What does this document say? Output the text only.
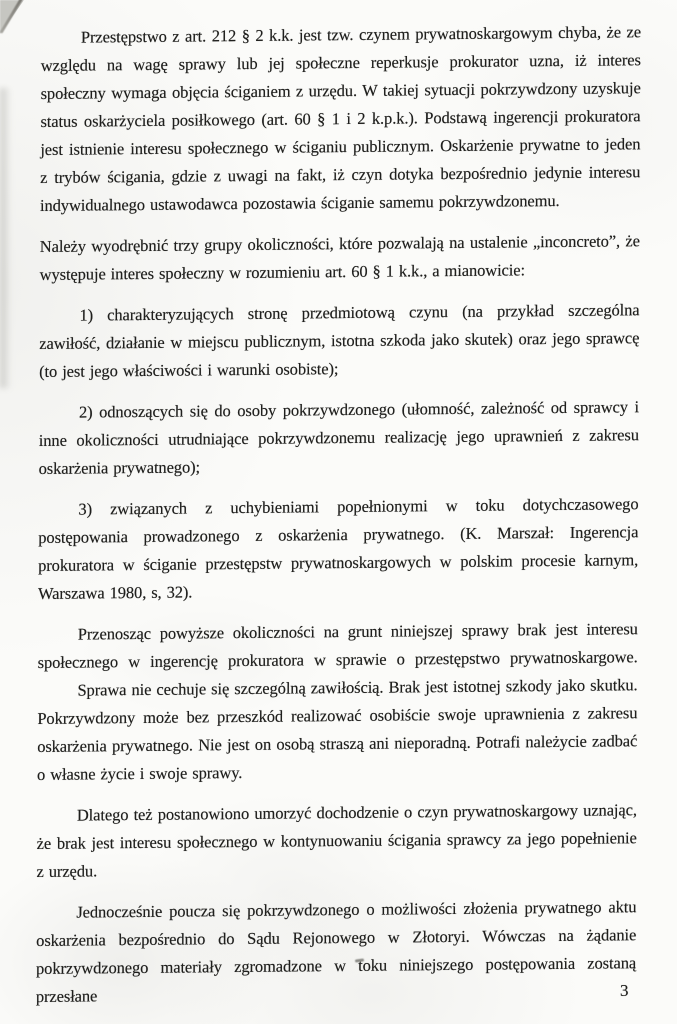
Przestępstwo z art. 212 § 2 k.k. jest tzw. czynem prywatnoskargowym chyba, że ze względu na wagę sprawy lub jej społeczne reperkusje prokurator uzna, iż interes społeczny wymaga objęcia ściganiem z urzędu. W takiej sytuacji pokrzywdzony uzyskuje status oskarżyciela posiłkowego (art. 60 § 1 i 2 k.p.k.). Podstawą ingerencji prokuratora jest istnienie interesu społecznego w ściganiu publicznym. Oskarżenie prywatne to jeden z trybów ścigania, gdzie z uwagi na fakt, iż czyn dotyka bezpośrednio jedynie interesu indywidualnego ustawodawca pozostawia ściganie samemu pokrzywdzonemu.

Należy wyodrębnić trzy grupy okoliczności, które pozwalają na ustalenie „inconcreto”, że występuje interes społeczny w rozumieniu art. 60 § 1 k.k., a mianowicie:

1) charakteryzujących stronę przedmiotową czynu (na przykład szczególna zawiłość, działanie w miejscu publicznym, istotna szkoda jako skutek) oraz jego sprawcę (to jest jego właściwości i warunki osobiste);

2) odnoszących się do osoby pokrzywdzonego (ułomność, zależność od sprawcy i inne okoliczności utrudniające pokrzywdzonemu realizację jego uprawnień z zakresu oskarżenia prywatnego);

3) związanych z uchybieniami popełnionymi w toku dotychczasowego postępowania prowadzonego z oskarżenia prywatnego. (K. Marszał: Ingerencja prokuratora w ściganie przestępstw prywatnoskargowych w polskim procesie karnym, Warszawa 1980, s, 32).

Przenosząc powyższe okoliczności na grunt niniejszej sprawy brak jest interesu społecznego w ingerencję prokuratora w sprawie o przestępstwo prywatnoskargowe.

Sprawa nie cechuje się szczególną zawiłością. Brak jest istotnej szkody jako skutku. Pokrzywdzony może bez przeszkód realizować osobiście swoje uprawnienia z zakresu oskarżenia prywatnego. Nie jest on osobą straszą ani nieporadną. Potrafi należycie zadbać o własne życie i swoje sprawy.

Dlatego też postanowiono umorzyć dochodzenie o czyn prywatnoskargowy uznając, że brak jest interesu społecznego w kontynuowaniu ścigania sprawcy za jego popełnienie z urzędu.

Jednocześnie poucza się pokrzywdzonego o możliwości złożenia prywatnego aktu oskarżenia bezpośrednio do Sądu Rejonowego w Złotoryi. Wówczas na żądanie pokrzywdzonego materiały zgromadzone w toku niniejszego postępowania zostaną przesłane	3
